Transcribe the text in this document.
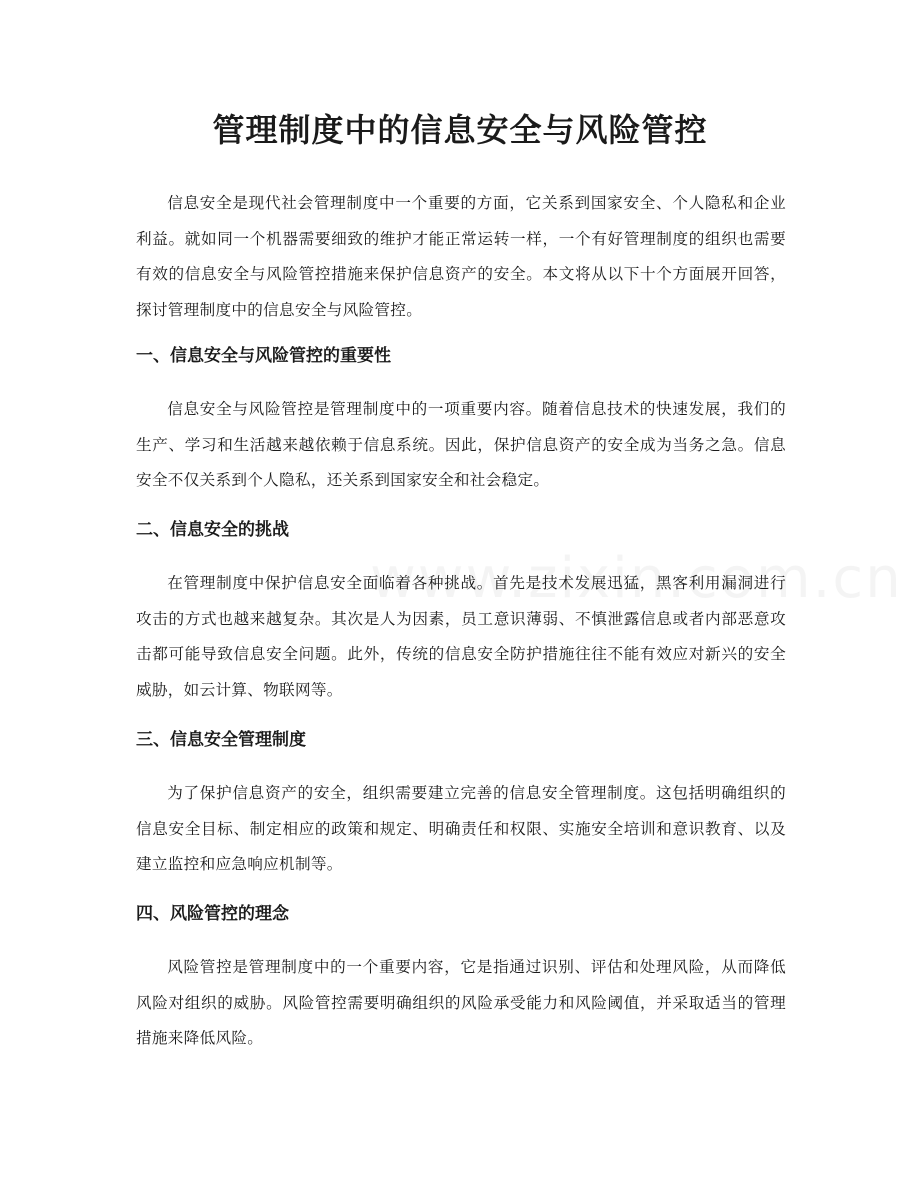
管理制度中的信息安全与风险管控

信息安全是现代社会管理制度中一个重要的方面，它关系到国家安全、个人隐私和企业利益。就如同一个机器需要细致的维护才能正常运转一样，一个有好管理制度的组织也需要有效的信息安全与风险管控措施来保护信息资产的安全。本文将从以下十个方面展开回答，探讨管理制度中的信息安全与风险管控。

一、信息安全与风险管控的重要性

信息安全与风险管控是管理制度中的一项重要内容。随着信息技术的快速发展，我们的生产、学习和生活越来越依赖于信息系统。因此，保护信息资产的安全成为当务之急。信息安全不仅关系到个人隐私，还关系到国家安全和社会稳定。

二、信息安全的挑战

在管理制度中保护信息安全面临着各种挑战。首先是技术发展迅猛，黑客利用漏洞进行攻击的方式也越来越复杂。其次是人为因素，员工意识薄弱、不慎泄露信息或者内部恶意攻击都可能导致信息安全问题。此外，传统的信息安全防护措施往往不能有效应对新兴的安全威胁，如云计算、物联网等。

三、信息安全管理制度

为了保护信息资产的安全，组织需要建立完善的信息安全管理制度。这包括明确组织的信息安全目标、制定相应的政策和规定、明确责任和权限、实施安全培训和意识教育、以及建立监控和应急响应机制等。

四、风险管控的理念

风险管控是管理制度中的一个重要内容，它是指通过识别、评估和处理风险，从而降低风险对组织的威胁。风险管控需要明确组织的风险承受能力和风险阈值，并采取适当的管理措施来降低风险。
